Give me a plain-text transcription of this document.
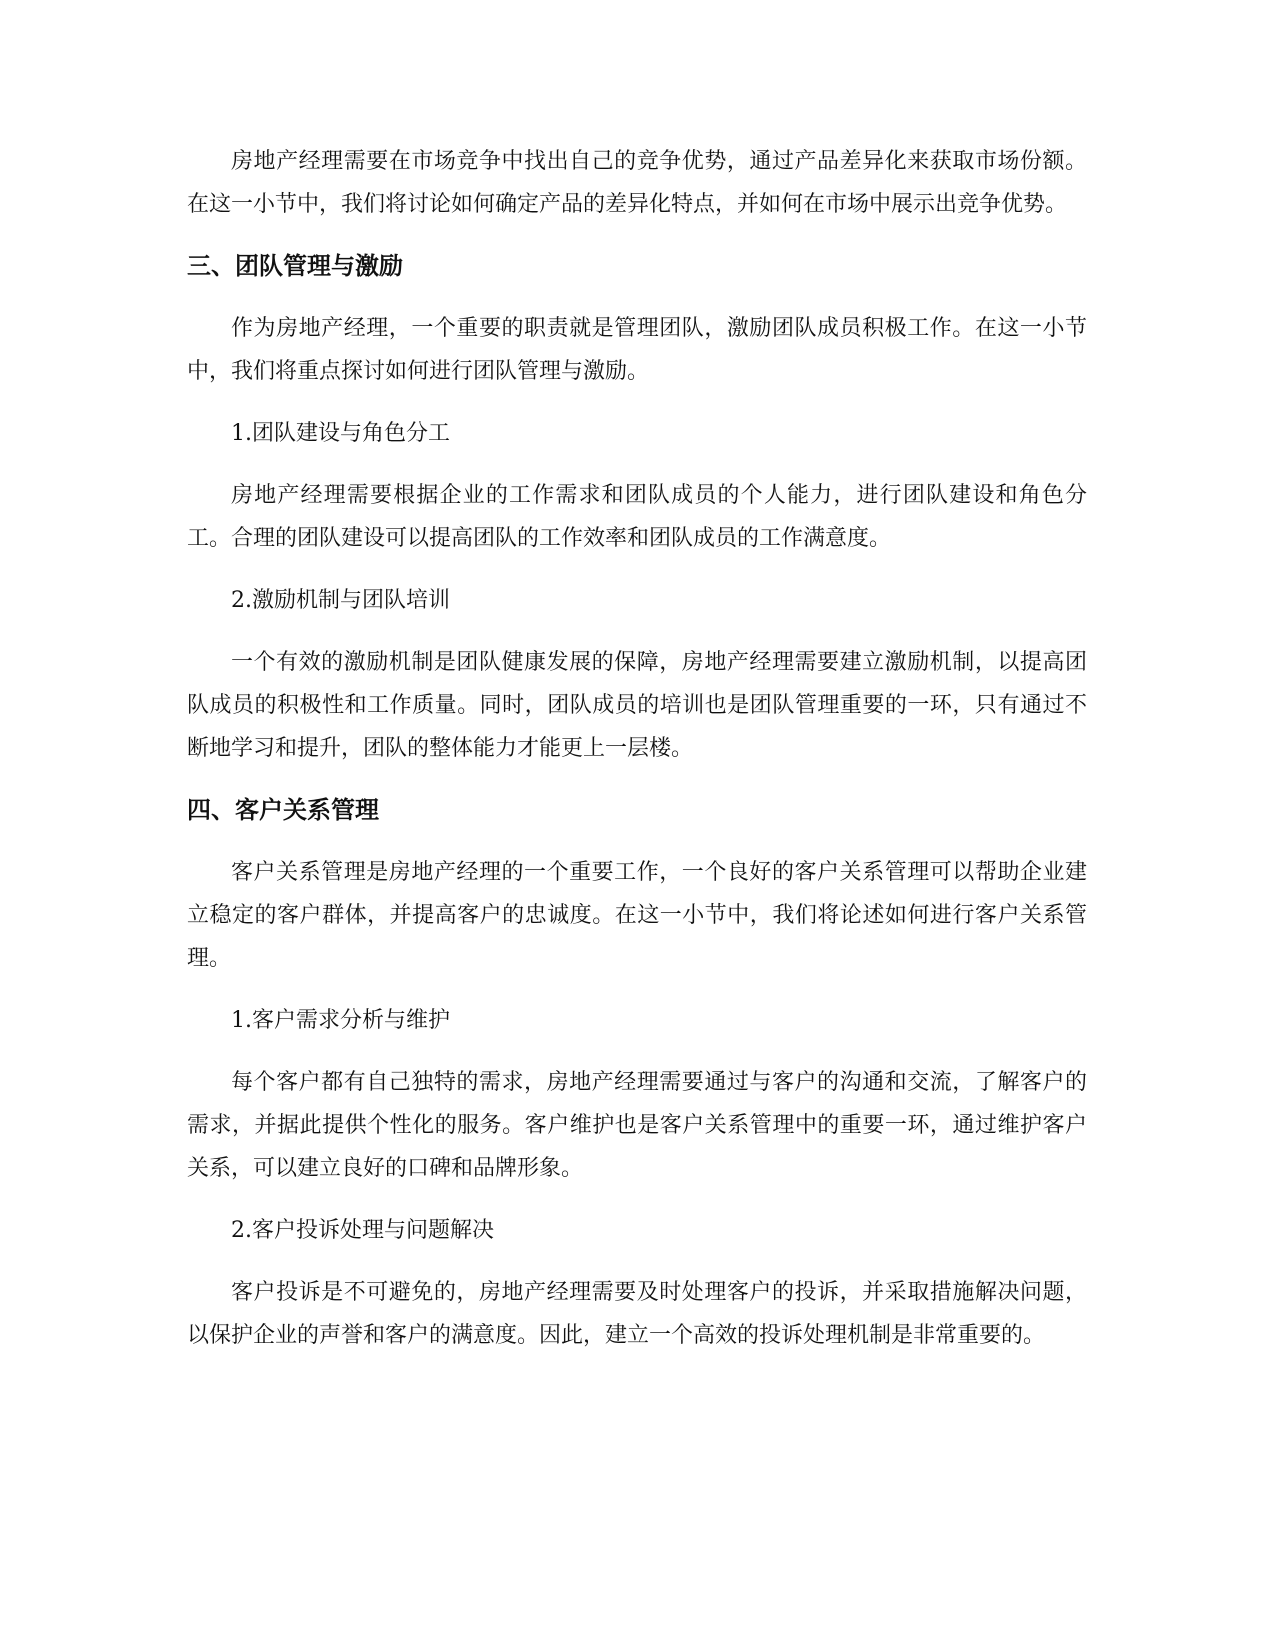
房地产经理需要在市场竞争中找出自己的竞争优势，通过产品差异化来获取市场份额。在这一小节中，我们将讨论如何确定产品的差异化特点，并如何在市场中展示出竞争优势。

三、团队管理与激励

作为房地产经理，一个重要的职责就是管理团队，激励团队成员积极工作。在这一小节中，我们将重点探讨如何进行团队管理与激励。

1.团队建设与角色分工

房地产经理需要根据企业的工作需求和团队成员的个人能力，进行团队建设和角色分工。合理的团队建设可以提高团队的工作效率和团队成员的工作满意度。

2.激励机制与团队培训

一个有效的激励机制是团队健康发展的保障，房地产经理需要建立激励机制，以提高团队成员的积极性和工作质量。同时，团队成员的培训也是团队管理重要的一环，只有通过不断地学习和提升，团队的整体能力才能更上一层楼。

四、客户关系管理

客户关系管理是房地产经理的一个重要工作，一个良好的客户关系管理可以帮助企业建立稳定的客户群体，并提高客户的忠诚度。在这一小节中，我们将论述如何进行客户关系管理。

1.客户需求分析与维护

每个客户都有自己独特的需求，房地产经理需要通过与客户的沟通和交流，了解客户的需求，并据此提供个性化的服务。客户维护也是客户关系管理中的重要一环，通过维护客户关系，可以建立良好的口碑和品牌形象。

2.客户投诉处理与问题解决

客户投诉是不可避免的，房地产经理需要及时处理客户的投诉，并采取措施解决问题，以保护企业的声誉和客户的满意度。因此，建立一个高效的投诉处理机制是非常重要的。
